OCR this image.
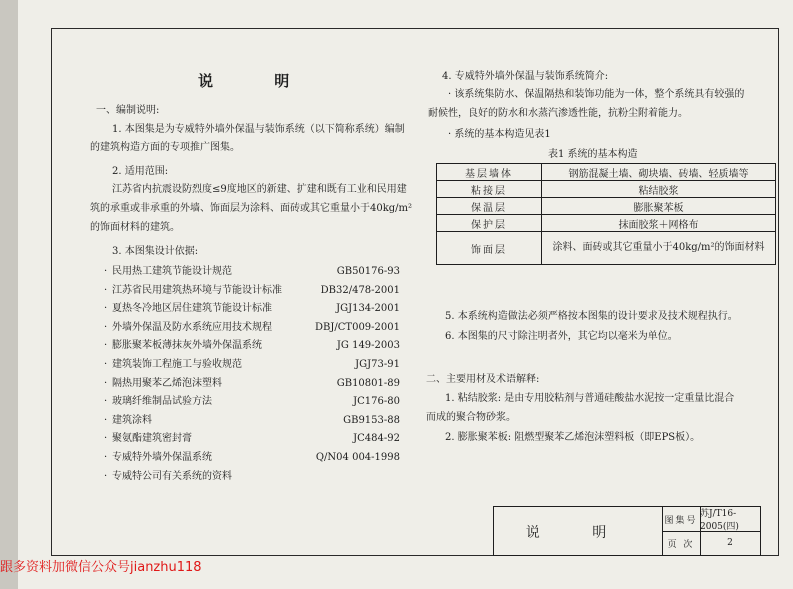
说 明
一、编制说明:
1. 本图集是为专威特外墙外保温与装饰系统（以下简称系统）编制
的建筑构造方面的专项推广图集。
2. 适用范围:
江苏省内抗震设防烈度≤9度地区的新建、扩建和既有工业和民用建
筑的承重或非承重的外墙、饰面层为涂料、面砖或其它重量小于40kg/m²
的饰面材料的建筑。
3. 本图集设计依据:
· 民用热工建筑节能设计规范	GB50176-93
· 江苏省民用建筑热环境与节能设计标准	DB32/478-2001
· 夏热冬冷地区居住建筑节能设计标准	JGJ134-2001
· 外墙外保温及防水系统应用技术规程	DBJ/CT009-2001
· 膨胀聚苯板薄抹灰外墙外保温系统	JG 149-2003
· 建筑装饰工程施工与验收规范	JGJ73-91
· 隔热用聚苯乙烯泡沫塑料	GB10801-89
· 玻璃纤维制品试验方法	JC176-80
· 建筑涂料	GB9153-88
· 聚氨酯建筑密封膏	JC484-92
· 专威特外墙外保温系统	Q/N04 004-1998
· 专威特公司有关系统的资料
4. 专威特外墙外保温与装饰系统简介:
· 该系统集防水、保温隔热和装饰功能为一体，整个系统具有较强的
耐候性，良好的防水和水蒸汽渗透性能，抗粉尘附着能力。
· 系统的基本构造见表1
表1 系统的基本构造
基层墙体	钢筋混凝土墙、砌块墙、砖墙、轻质墙等
粘接层	粘结胶浆
保温层	膨胀聚苯板
保护层	抹面胶浆＋网格布
饰面层	涂料、面砖或其它重量小于40kg/m²的饰面材料
5. 本系统构造做法必须严格按本图集的设计要求及技术规程执行。
6. 本图集的尺寸除注明者外，其它均以毫米为单位。
二、主要用材及术语解释:
1. 粘结胶浆: 是由专用胶粘剂与普通硅酸盐水泥按一定重量比混合
而成的聚合物砂浆。
2. 膨胀聚苯板: 阻燃型聚苯乙烯泡沫塑料板（即EPS板）。
说 明
图集号
苏J/T16-2005(四)
页 次	2
跟多资料加微信公众号jianzhu118
